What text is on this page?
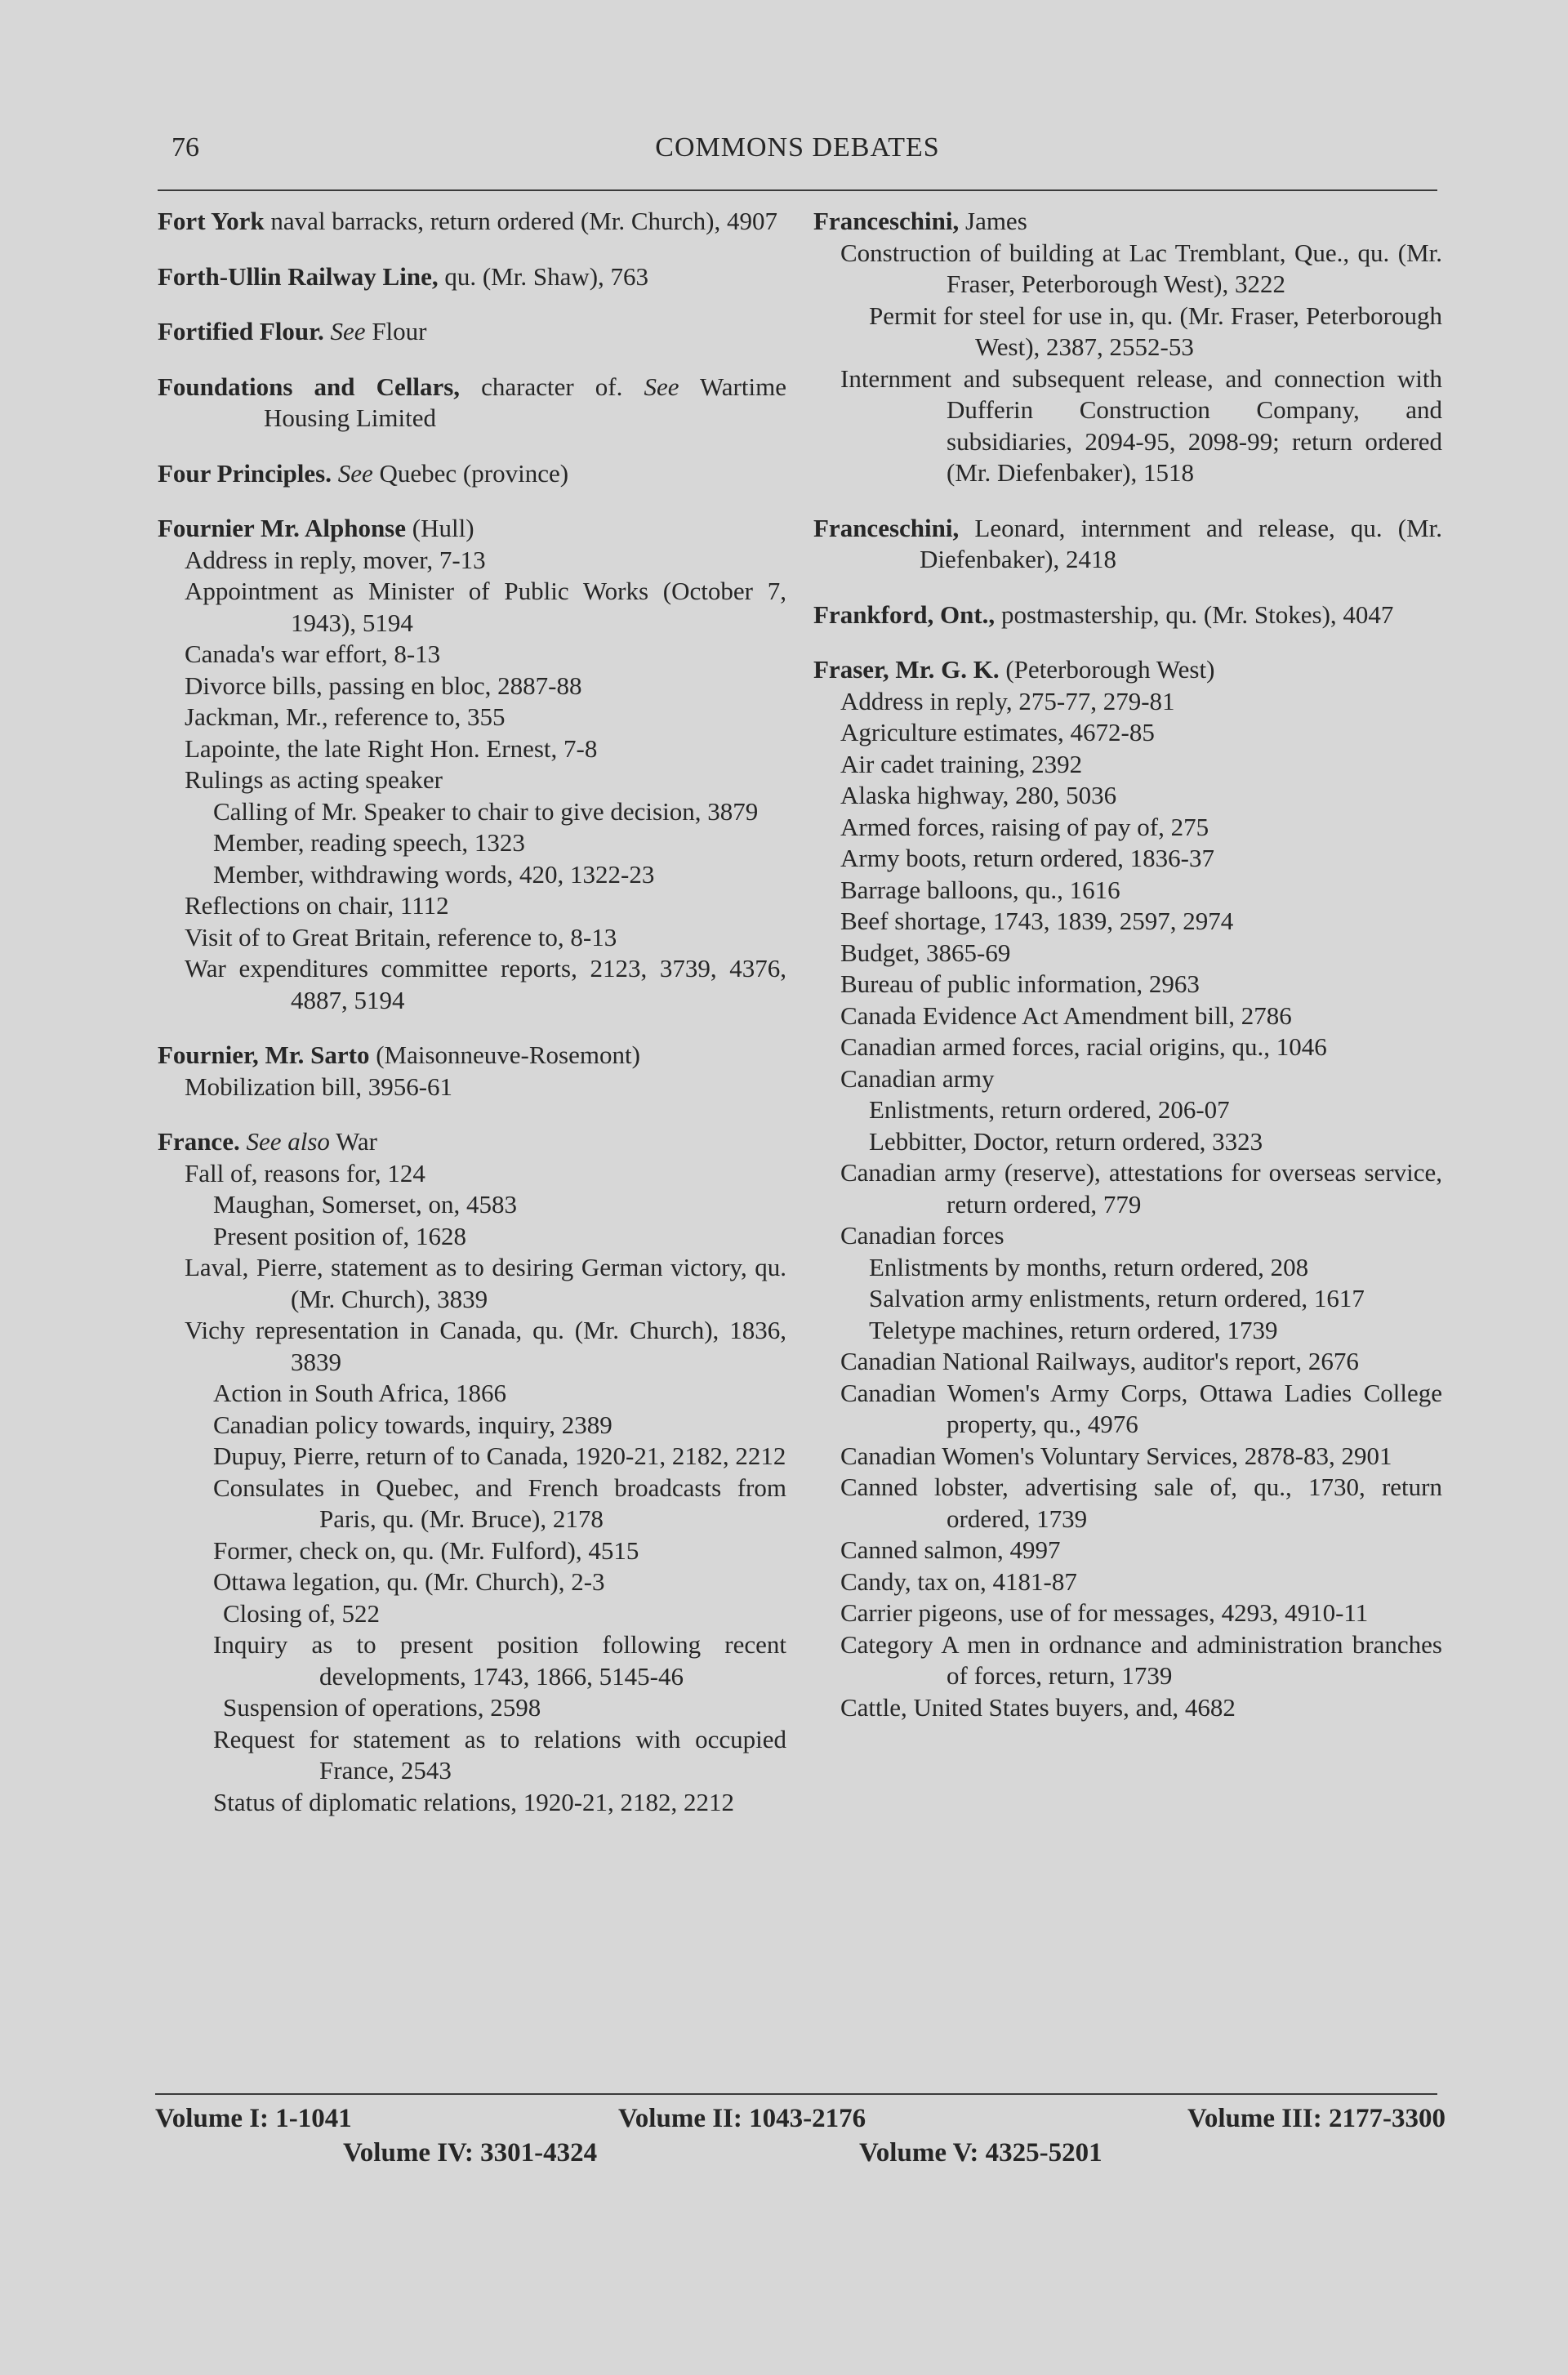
76	COMMONS DEBATES
Fort York naval barracks, return ordered (Mr. Church), 4907
Forth-Ullin Railway Line, qu. (Mr. Shaw), 763
Fortified Flour. See Flour
Foundations and Cellars, character of. See Wartime Housing Limited
Four Principles. See Quebec (province)
Fournier Mr. Alphonse (Hull)
Address in reply, mover, 7-13
Appointment as Minister of Public Works (October 7, 1943), 5194
Canada's war effort, 8-13
Divorce bills, passing en bloc, 2887-88
Jackman, Mr., reference to, 355
Lapointe, the late Right Hon. Ernest, 7-8
Rulings as acting speaker
Calling of Mr. Speaker to chair to give decision, 3879
Member, reading speech, 1323
Member, withdrawing words, 420, 1322-23
Reflections on chair, 1112
Visit of to Great Britain, reference to, 8-13
War expenditures committee reports, 2123, 3739, 4376, 4887, 5194
Fournier, Mr. Sarto (Maisonneuve-Rosemont)
Mobilization bill, 3956-61
France. See also War
Fall of, reasons for, 124
Maughan, Somerset, on, 4583
Present position of, 1628
Laval, Pierre, statement as to desiring German victory, qu. (Mr. Church), 3839
Vichy representation in Canada, qu. (Mr. Church), 1836, 3839
Action in South Africa, 1866
Canadian policy towards, inquiry, 2389
Dupuy, Pierre, return of to Canada, 1920-21, 2182, 2212
Consulates in Quebec, and French broadcasts from Paris, qu. (Mr. Bruce), 2178
Former, check on, qu. (Mr. Fulford), 4515
Ottawa legation, qu. (Mr. Church), 2-3
Closing of, 522
Inquiry as to present position following recent developments, 1743, 1866, 5145-46
Suspension of operations, 2598
Request for statement as to relations with occupied France, 2543
Status of diplomatic relations, 1920-21, 2182, 2212
Franceschini, James
Construction of building at Lac Tremblant, Que., qu. (Mr. Fraser, Peterborough West), 3222
Permit for steel for use in, qu. (Mr. Fraser, Peterborough West), 2387, 2552-53
Internment and subsequent release, and connection with Dufferin Construction Company, and subsidiaries, 2094-95, 2098-99; return ordered (Mr. Diefenbaker), 1518
Franceschini, Leonard, internment and release, qu. (Mr. Diefenbaker), 2418
Frankford, Ont., postmastership, qu. (Mr. Stokes), 4047
Fraser, Mr. G. K. (Peterborough West)
Address in reply, 275-77, 279-81
Agriculture estimates, 4672-85
Air cadet training, 2392
Alaska highway, 280, 5036
Armed forces, raising of pay of, 275
Army boots, return ordered, 1836-37
Barrage balloons, qu., 1616
Beef shortage, 1743, 1839, 2597, 2974
Budget, 3865-69
Bureau of public information, 2963
Canada Evidence Act Amendment bill, 2786
Canadian armed forces, racial origins, qu., 1046
Canadian army
Enlistments, return ordered, 206-07
Lebbitter, Doctor, return ordered, 3323
Canadian army (reserve), attestations for overseas service, return ordered, 779
Canadian forces
Enlistments by months, return ordered, 208
Salvation army enlistments, return ordered, 1617
Teletype machines, return ordered, 1739
Canadian National Railways, auditor's report, 2676
Canadian Women's Army Corps, Ottawa Ladies College property, qu., 4976
Canadian Women's Voluntary Services, 2878-83, 2901
Canned lobster, advertising sale of, qu., 1730, return ordered, 1739
Canned salmon, 4997
Candy, tax on, 4181-87
Carrier pigeons, use of for messages, 4293, 4910-11
Category A men in ordnance and administration branches of forces, return, 1739
Cattle, United States buyers, and, 4682
Volume I: 1-1041	Volume II: 1043-2176	Volume III: 2177-3300
Volume IV: 3301-4324	Volume V: 4325-5201
